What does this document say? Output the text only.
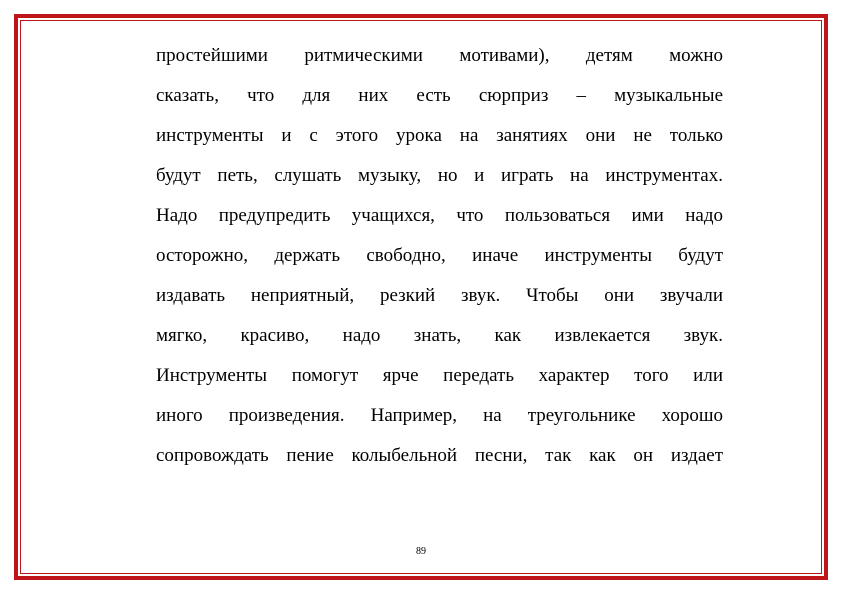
простейшими ритмическими мотивами), детям можно
сказать, что для них есть сюрприз – музыкальные
инструменты и с этого урока на занятиях они не только
будут петь, слушать музыку, но и играть на инструментах.
Надо предупредить учащихся, что пользоваться ими надо
осторожно, держать свободно, иначе инструменты будут
издавать неприятный, резкий звук. Чтобы они звучали
мягко, красиво, надо знать, как извлекается звук.
Инструменты помогут ярче передать характер того или
иного произведения. Например, на треугольнике хорошо
сопровождать пение колыбельной песни, так как он издает
89
